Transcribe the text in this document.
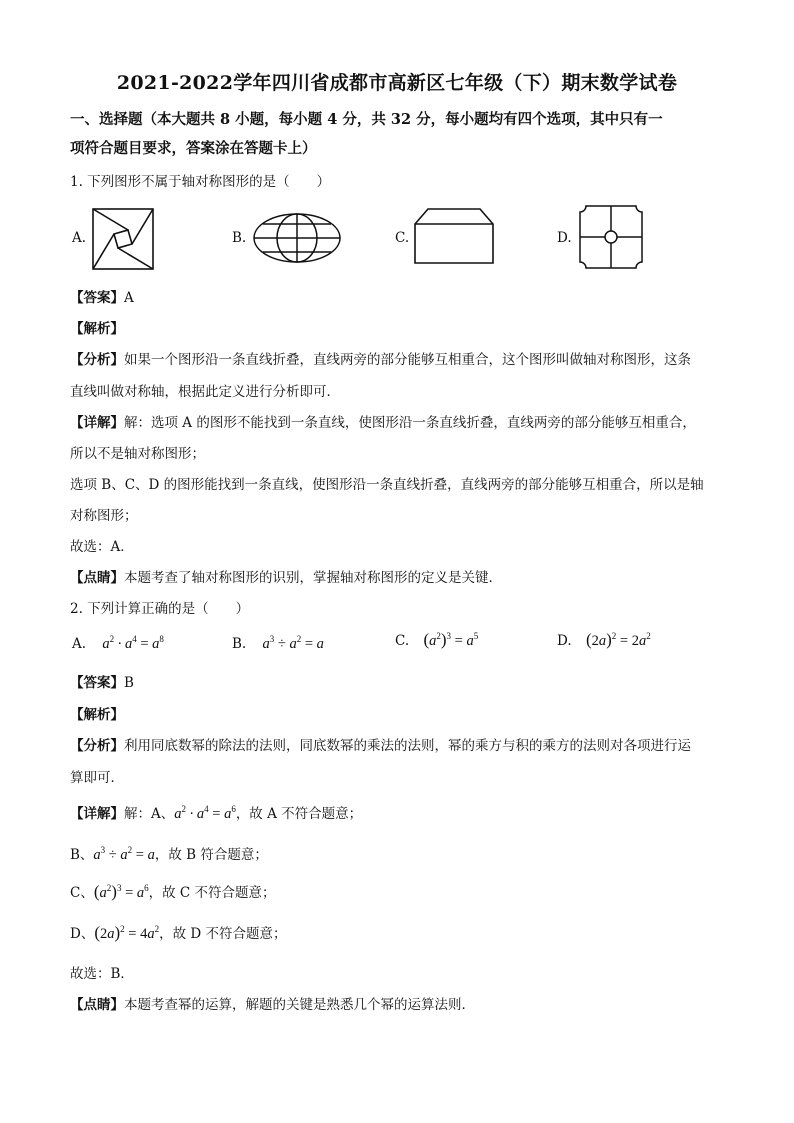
2021-2022学年四川省成都市高新区七年级（下）期末数学试卷
一、选择题（本大题共 8 小题，每小题 4 分，共 32 分，每小题均有四个选项，其中只有一
项符合题目要求，答案涂在答题卡上）
1. 下列图形不属于轴对称图形的是（　　）
A.	B.	C.	D.
【答案】A
【解析】
【分析】如果一个图形沿一条直线折叠，直线两旁的部分能够互相重合，这个图形叫做轴对称图形，这条
直线叫做对称轴，根据此定义进行分析即可．
【详解】解：选项 A 的图形不能找到一条直线，使图形沿一条直线折叠，直线两旁的部分能够互相重合，
所以不是轴对称图形；
选项 B、C、D 的图形能找到一条直线，使图形沿一条直线折叠，直线两旁的部分能够互相重合，所以是轴
对称图形；
故选：A．
【点睛】本题考查了轴对称图形的识别，掌握轴对称图形的定义是关键．
2. 下列计算正确的是（　　）
A. $a^2 \cdot a^4 = a^8$	B. $a^3 \div a^2 = a$	C. $(a^2)^3 = a^5$	D. $(2a)^2 = 2a^2$
【答案】B
【解析】
【分析】利用同底数幂的除法的法则，同底数幂的乘法的法则，幂的乘方与积的乘方的法则对各项进行运
算即可．
【详解】解：A、$a^2 \cdot a^4 = a^6$，故 A 不符合题意；
B、$a^3 \div a^2 = a$，故 B 符合题意；
C、$(a^2)^3 = a^6$，故 C 不符合题意；
D、$(2a)^2 = 4a^2$，故 D 不符合题意；
故选：B．
【点睛】本题考查幂的运算，解题的关键是熟悉几个幂的运算法则．
